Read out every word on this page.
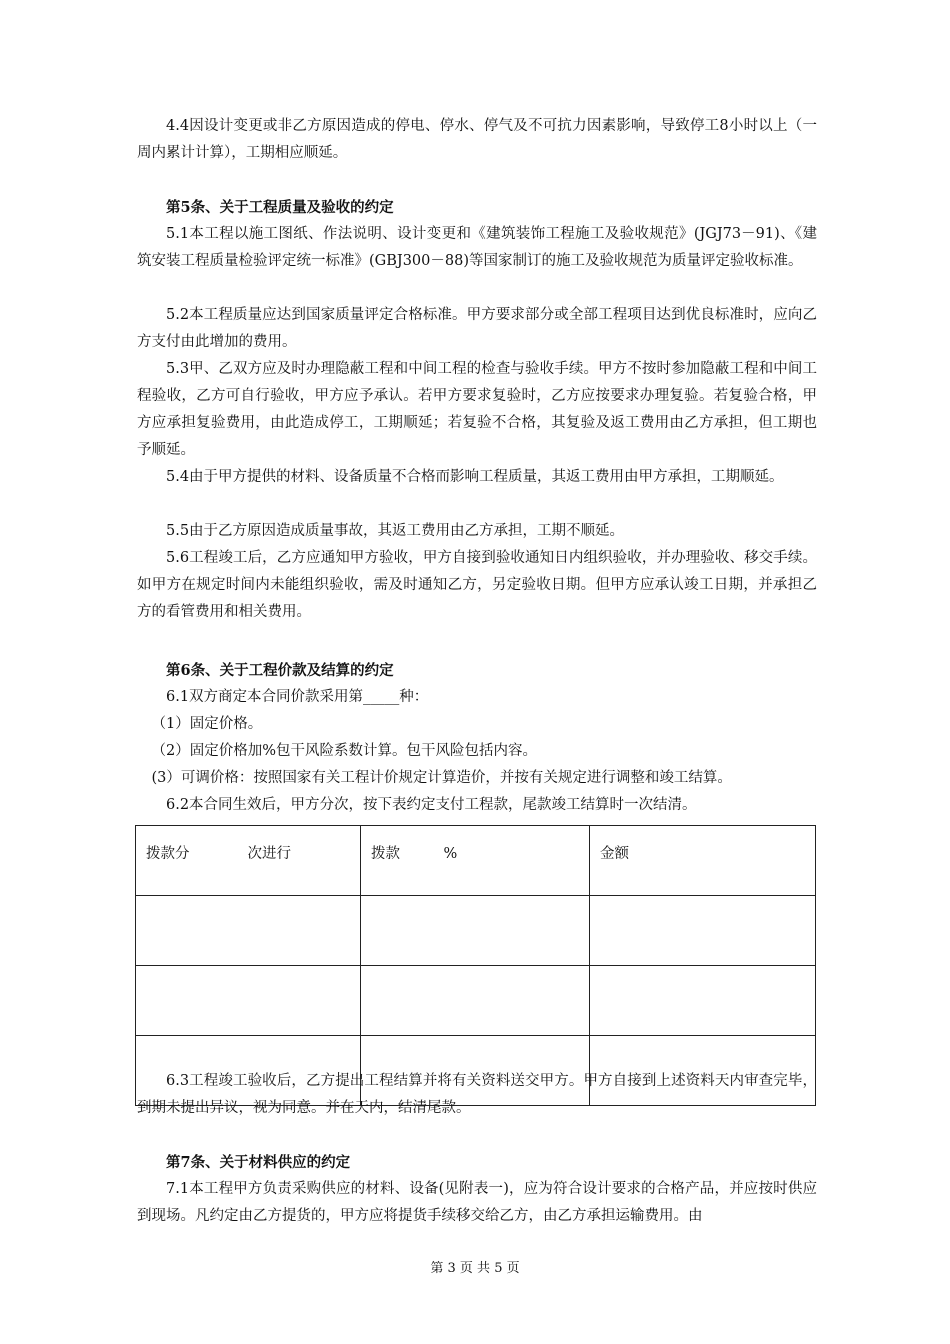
4.4因设计变更或非乙方原因造成的停电、停水、停气及不可抗力因素影响，导致停工8小时以上（一周内累计计算），工期相应顺延。

第5条、关于工程质量及验收的约定

5.1本工程以施工图纸、作法说明、设计变更和《建筑装饰工程施工及验收规范》(JGJ73－91)、《建筑安装工程质量检验评定统一标准》(GBJ300－88)等国家制订的施工及验收规范为质量评定验收标准。

5.2本工程质量应达到国家质量评定合格标准。甲方要求部分或全部工程项目达到优良标准时，应向乙方支付由此增加的费用。

5.3甲、乙双方应及时办理隐蔽工程和中间工程的检查与验收手续。甲方不按时参加隐蔽工程和中间工程验收，乙方可自行验收，甲方应予承认。若甲方要求复验时，乙方应按要求办理复验。若复验合格，甲方应承担复验费用，由此造成停工，工期顺延；若复验不合格，其复验及返工费用由乙方承担，但工期也予顺延。

5.4由于甲方提供的材料、设备质量不合格而影响工程质量，其返工费用由甲方承担，工期顺延。

5.5由于乙方原因造成质量事故，其返工费用由乙方承担，工期不顺延。

5.6工程竣工后，乙方应通知甲方验收，甲方自接到验收通知日内组织验收，并办理验收、移交手续。如甲方在规定时间内未能组织验收，需及时通知乙方，另定验收日期。但甲方应承认竣工日期，并承担乙方的看管费用和相关费用。

第6条、关于工程价款及结算的约定

6.1双方商定本合同价款采用第_____种：

（1）固定价格。

（2）固定价格加%包干风险系数计算。包干风险包括内容。

(3）可调价格：按照国家有关工程计价规定计算造价，并按有关规定进行调整和竣工结算。

6.2本合同生效后，甲方分次，按下表约定支付工程款，尾款竣工结算时一次结清。

拨款分　　　　次进行	拨款　　　%	金额

6.3工程竣工验收后，乙方提出工程结算并将有关资料送交甲方。甲方自接到上述资料天内审查完毕，到期未提出异议，视为同意。并在天内，结清尾款。

第7条、关于材料供应的约定

7.1本工程甲方负责采购供应的材料、设备(见附表一)，应为符合设计要求的合格产品，并应按时供应到现场。凡约定由乙方提货的，甲方应将提货手续移交给乙方，由乙方承担运输费用。由

第 3 页 共 5 页
